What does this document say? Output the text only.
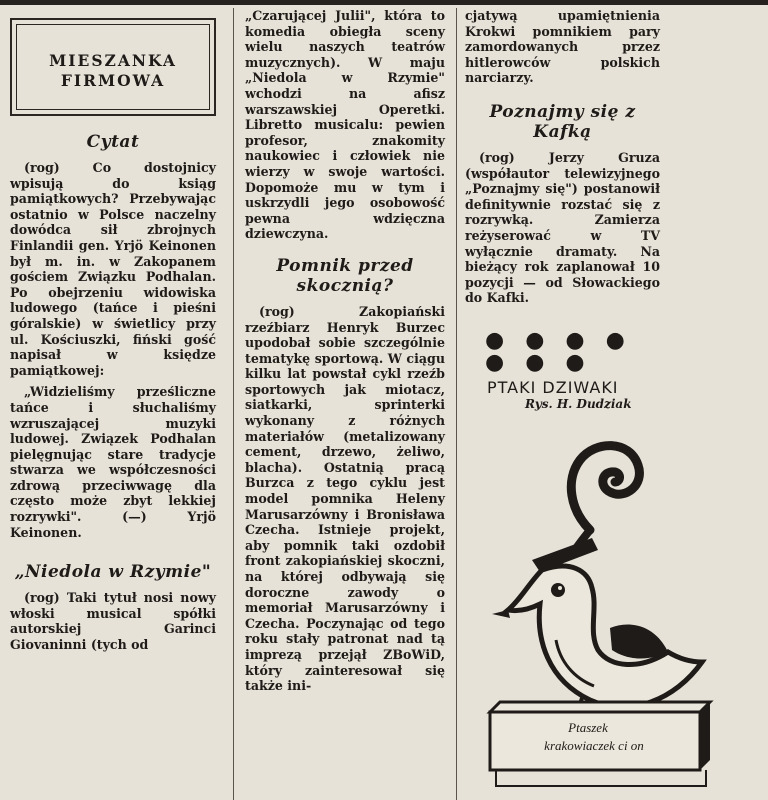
MIESZANKA
FIRMOWA
Cytat

(rog) Co dostojnicy wpisują do ksiąg pamiątkowych? Przebywając ostatnio w Polsce naczelny dowódca sił zbrojnych Finlandii gen. Yrjö Keinonen był m. in. w Zakopanem gościem Związku Podhalan. Po obejrzeniu widowiska ludowego (tańce i pieśni góralskie) w świetlicy przy ul. Kościuszki, fiński gość napisał w księdze pamiątkowej:

„Widzieliśmy prześliczne tańce i słuchaliśmy wzruszającej muzyki ludowej. Związek Podhalan pielęgnując stare tradycje stwarza we współczesności zdrową przeciwwagę dla często może zbyt lekkiej rozrywki". (—) Yrjö Keinonen.

„Niedola w Rzymie"

(rog) Taki tytuł nosi nowy włoski musical spółki autorskiej Garinci Giovaninni (tych od

„Czarującej Julii", która to komedia obiegła sceny wielu naszych teatrów muzycznych). W maju „Niedola w Rzymie" wchodzi na afisz warszawskiej Operetki. Libretto musicalu: pewien profesor, znakomity naukowiec i człowiek nie wierzy w swoje wartości. Dopomoże mu w tym i uskrzydli jego osobowość pewna wdzięczna dziewczyna.

Pomnik przed skocznią?

(rog) Zakopiański rzeźbiarz Henryk Burzec upodobał sobie szczególnie tematykę sportową. W ciągu kilku lat powstał cykl rzeźb sportowych jak miotacz, siatkarki, sprinterki wykonany z różnych materiałów (metalizowany cement, drzewo, żeliwo, blacha). Ostatnią pracą Burzca z tego cyklu jest model pomnika Heleny Marusarzówny i Bronisława Czecha. Istnieje projekt, aby pomnik taki ozdobił front zakopiańskiej skoczni, na której odbywają się doroczne zawody o memoriał Marusarzówny i Czecha. Poczynając od tego roku stały patronat nad tą imprezą przejął ZBoWiD, który zainteresował się także ini-

cjatywą upamiętnienia Krokwi pomnikiem pary zamordowanych przez hitlerowców polskich narciarzy.

Poznajmy się z Kafką

(rog) Jerzy Gruza (współautor telewizyjnego „Poznajmy się") postanowił definitywnie rozstać się z rozrywką. Zamierza reżyserować w TV wyłącznie dramaty. Na bieżący rok zaplanował 10 pozycji — od Słowackiego do Kafki.

● ● ● ● ● ● ●
PTAKI DZIWAKI
Rys. H. Dudziak
Ptaszek
krakowiaczek ci on
